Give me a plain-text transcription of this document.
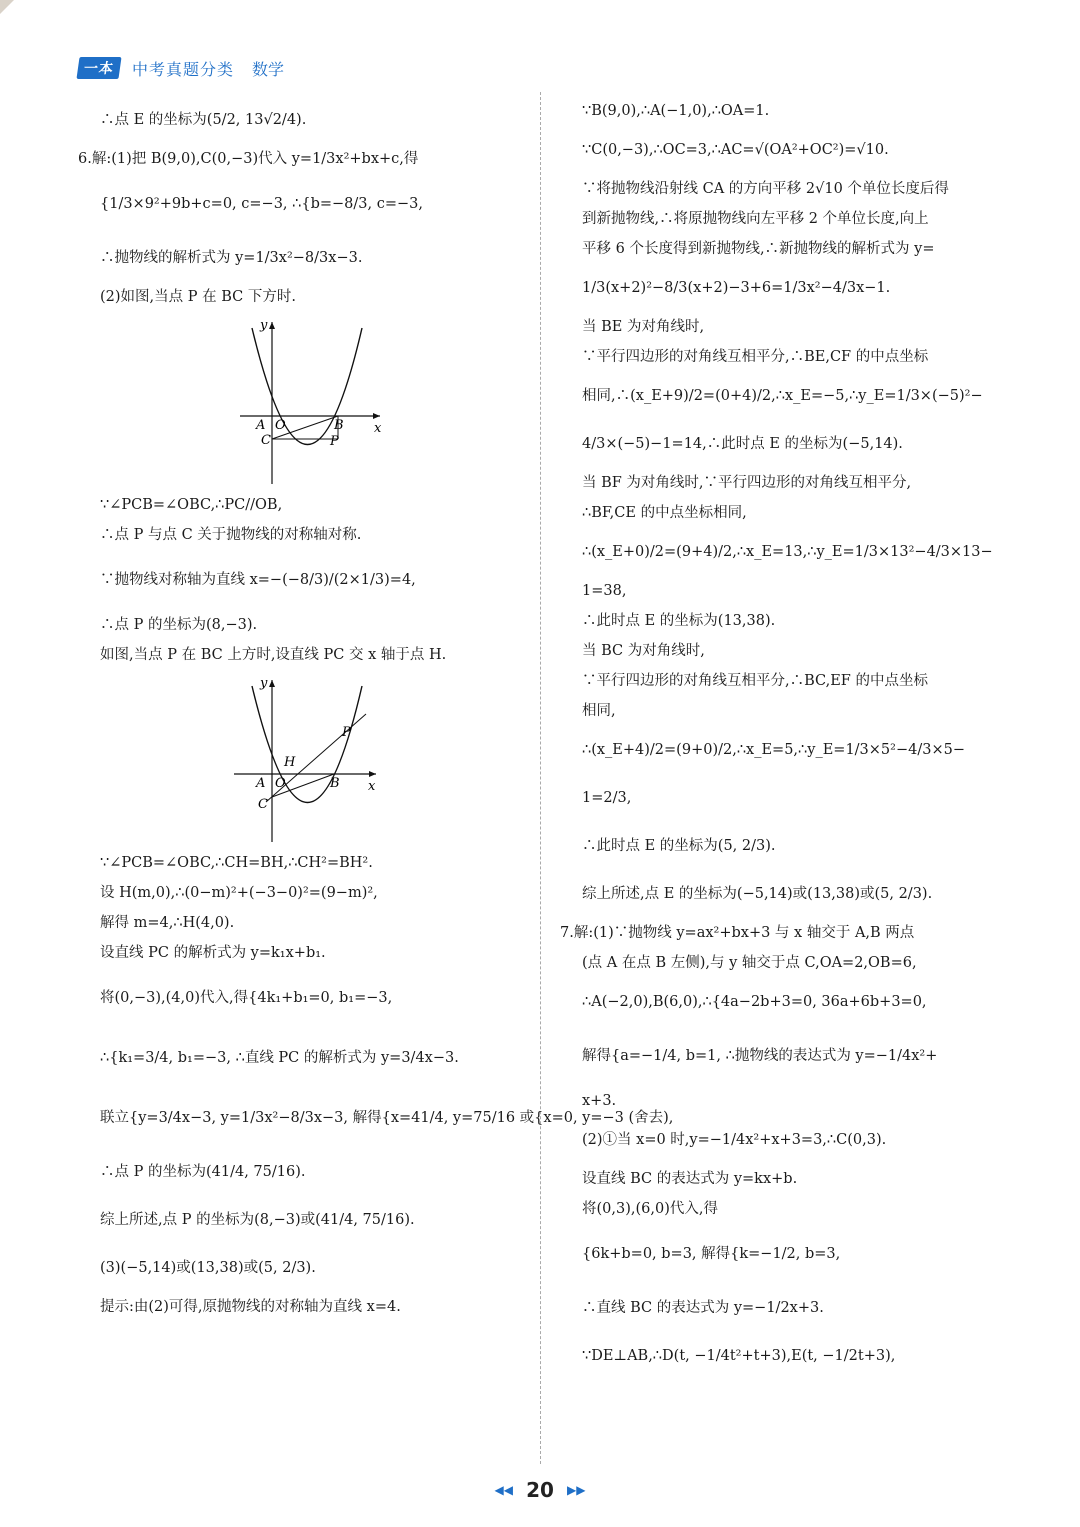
一本	中考真题分类 数学
∴点 E 的坐标为(5/2, 13√2/4).
6.解:(1)把 B(9,0),C(0,−3)代入 y=1/3x²+bx+c,得
{1/3×9²+9b+c=0, c=−3, ∴{b=−8/3, c=−3,
∴抛物线的解析式为 y=1/3x²−8/3x−3.
(2)如图,当点 P 在 BC 下方时.
y
x
A O	B
C	P
∵∠PCB=∠OBC,∴PC//OB,
∴点 P 与点 C 关于抛物线的对称轴对称.
∵抛物线对称轴为直线 x=−(−8/3)/(2×1/3)=4,
∴点 P 的坐标为(8,−3).
如图,当点 P 在 BC 上方时,设直线 PC 交 x 轴于点 H.
y
x
A O	B
C
H
P
∵∠PCB=∠OBC,∴CH=BH,∴CH²=BH².
设 H(m,0),∴(0−m)²+(−3−0)²=(9−m)²,
解得 m=4,∴H(4,0).
设直线 PC 的解析式为 y=k₁x+b₁.
将(0,−3),(4,0)代入,得{4k₁+b₁=0, b₁=−3,
∴{k₁=3/4, b₁=−3, ∴直线 PC 的解析式为 y=3/4x−3.
联立{y=3/4x−3, y=1/3x²−8/3x−3, 解得{x=41/4, y=75/16 或{x=0, y=−3 (舍去),
∴点 P 的坐标为(41/4, 75/16).
综上所述,点 P 的坐标为(8,−3)或(41/4, 75/16).
(3)(−5,14)或(13,38)或(5, 2/3).
提示:由(2)可得,原抛物线的对称轴为直线 x=4.
∵B(9,0),∴A(−1,0),∴OA=1.
∵C(0,−3),∴OC=3,∴AC=√(OA²+OC²)=√10.
∵将抛物线沿射线 CA 的方向平移 2√10 个单位长度后得
到新抛物线,∴将原抛物线向左平移 2 个单位长度,向上
平移 6 个长度得到新抛物线,∴新抛物线的解析式为 y=
1/3(x+2)²−8/3(x+2)−3+6=1/3x²−4/3x−1.
当 BE 为对角线时,
∵平行四边形的对角线互相平分,∴BE,CF 的中点坐标
相同,∴(x_E+9)/2=(0+4)/2,∴x_E=−5,∴y_E=1/3×(−5)²−
4/3×(−5)−1=14,∴此时点 E 的坐标为(−5,14).
当 BF 为对角线时,∵平行四边形的对角线互相平分,
∴BF,CE 的中点坐标相同,
∴(x_E+0)/2=(9+4)/2,∴x_E=13,∴y_E=1/3×13²−4/3×13−
1=38,
∴此时点 E 的坐标为(13,38).
当 BC 为对角线时,
∵平行四边形的对角线互相平分,∴BC,EF 的中点坐标
相同,
∴(x_E+4)/2=(9+0)/2,∴x_E=5,∴y_E=1/3×5²−4/3×5−
1=2/3,
∴此时点 E 的坐标为(5, 2/3).
综上所述,点 E 的坐标为(−5,14)或(13,38)或(5, 2/3).
7.解:(1)∵抛物线 y=ax²+bx+3 与 x 轴交于 A,B 两点
(点 A 在点 B 左侧),与 y 轴交于点 C,OA=2,OB=6,
∴A(−2,0),B(6,0),∴{4a−2b+3=0, 36a+6b+3=0,
解得{a=−1/4, b=1, ∴抛物线的表达式为 y=−1/4x²+
x+3.
(2)①当 x=0 时,y=−1/4x²+x+3=3,∴C(0,3).
设直线 BC 的表达式为 y=kx+b.
将(0,3),(6,0)代入,得
{6k+b=0, b=3, 解得{k=−1/2, b=3,
∴直线 BC 的表达式为 y=−1/2x+3.
∵DE⊥AB,∴D(t, −1/4t²+t+3),E(t, −1/2t+3),
◀◀ 20 ▶▶
